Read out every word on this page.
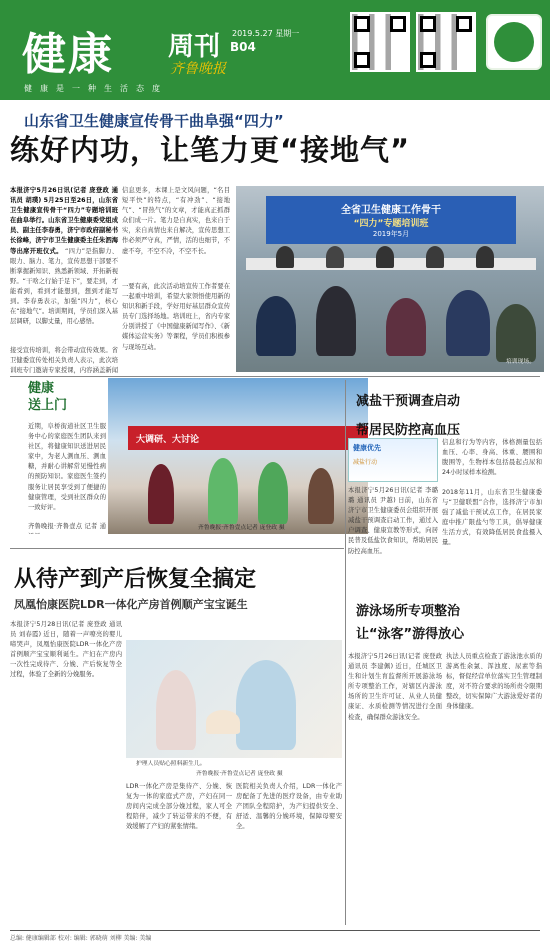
健康 周刊
齐鲁晚报
2019.5.27 星期一
B04
健康是一种生活态度
山东省卫生健康宣传骨干曲阜强“四力”
练好内功，让笔力更“接地气”
本报济宁5月26日讯(记者 庞登政 通讯员 胡璞) 5月25日至26日，山东省卫生健康宣传骨干“四力”专题培训班在曲阜举行。山东省卫生健康委党组成员、副主任李春勇，济宁市政府副秘书长徐峰，济宁市卫生健康委主任朱泗海等出席开班仪式。 “四力”是指脚力、眼力、脑力、笔力，宣传思想干部要不断掌握新知识、熟悉新领域、开拓新视野。“干啥之行始于足下”，要走到，才能看到，看到才能想到，想到才能写到。李春勇表示，加强“四力”，核心在“接地气”。培训期间，学员们深入基层调研，以脚丈量，用心感悟。
接受宣传培训，将会带动宣传效果。省卫健委宣传处相关负责人表示，此次培训班专门邀请专家授课，内容涵盖新闻
信息更多，本课上是文风问题，“名目短平快”的特点，“有冲劲”、“接地气”、“冒热气”的文章，才能真正抓群众们成一片。笔力是自真实，也来自于实，来自真情也来自解决，宣传思想工作必须严守真，严情，活的也细节，不虚不夸，不空不冷，不空不长。
一要有高，此次活动培宣传工作者要在一起重中培训，希望大家领悟使用新的知识和新手段，学好用好基层群众宣传员专门选择场地。培训班上，省内专家分别讲授了《中国健康新闻写作》、《新媒体运营实务》等课程，学员们积极参与现场互动。
全省卫生健康工作骨干
“四力”专题培训班
2019年5月
培训现场。
健康
送上门
近期，阜桥街道社区卫生服务中心的家庭医生团队来到社区，将健康知识送进居民家中，为老人测血压、测血糖，并耐心讲解常见慢性病的预防知识。家庭医生签约服务让居民享受到了便捷的健康管理，受到社区群众的一致好评。
齐鲁晚报·齐鲁壹点 记者 通
大调研、大讨论
齐鲁晚报·齐鲁壹点记者 庞登政 摄
减盐干预调查启动
帮居民防控高血压
健康优先
减盐行动
信息和行为等内容，体格测量包括血压、心率、身高、体重、腰围和腹围等，生物样本包括晨起点尿和24小时尿样本检测。
本报济宁5月26日讯(记者 李璐璐 通讯员 尹越) 日前，山东省济宁市卫生健康委员会组织开展减盐干预调查启动工作，通过入户调查、健康宣教等形式，向居民普及低盐饮食知识，帮助居民防控高血压。
2018年11月，山东省卫生健康委与“卫健联盟”合作，选择济宁市加强了减盐干预试点工作，在居民家庭中推广限盐勺等工具，倡导健康生活方式，有效降低居民食盐摄入量。
从待产到产后恢复全搞定
凤凰怡康医院LDR一体化产房首例顺产宝宝诞生
本报济宁5月28日讯(记者 庞登政 通讯员 刘春霞) 近日，随着一声嘹亮的婴儿啼哭声，凤凰怡康医院LDR一体化产房首例顺产宝宝顺利诞生。产妇在产房内一次性完成待产、分娩、产后恢复等全过程，体验了全新的分娩服务。
护理人员贴心照料新生儿。
齐鲁晚报·齐鲁壹点记者 庞登政 摄
LDR一体化产房是集待产、分娩、恢复为一体的家庭式产房，产妇在同一房间内完成全部分娩过程，家人可全程陪伴，减少了转运带来的不便，有效缓解了产妇的紧张情绪。
医院相关负责人介绍，LDR一体化产房配备了先进的医疗设备，由专业助产团队全程陪护，为产妇提供安全、舒适、温馨的分娩环境，保障母婴安全。
游泳场所专项整治
让“泳客”游得放心
本报济宁5月26日讯(记者 庞登政 通讯员 李建佩) 近日，任城区卫生和计划生育监督所开展游泳场所专项整治工作，对辖区内游泳场所的卫生许可证、从业人员健康证、水质检测等情况进行全面检查，确保群众游泳安全。
执法人员重点检查了游泳池水质的游离性余氯、浑浊度、尿素等指标，督促经营单位落实卫生管理制度，对不符合要求的场所责令限期整改，切实保障广大游泳爱好者的身体健康。
总编: 健康编辑部 校对: 编辑: 郭晓萌 刘柳 美编: 美编
